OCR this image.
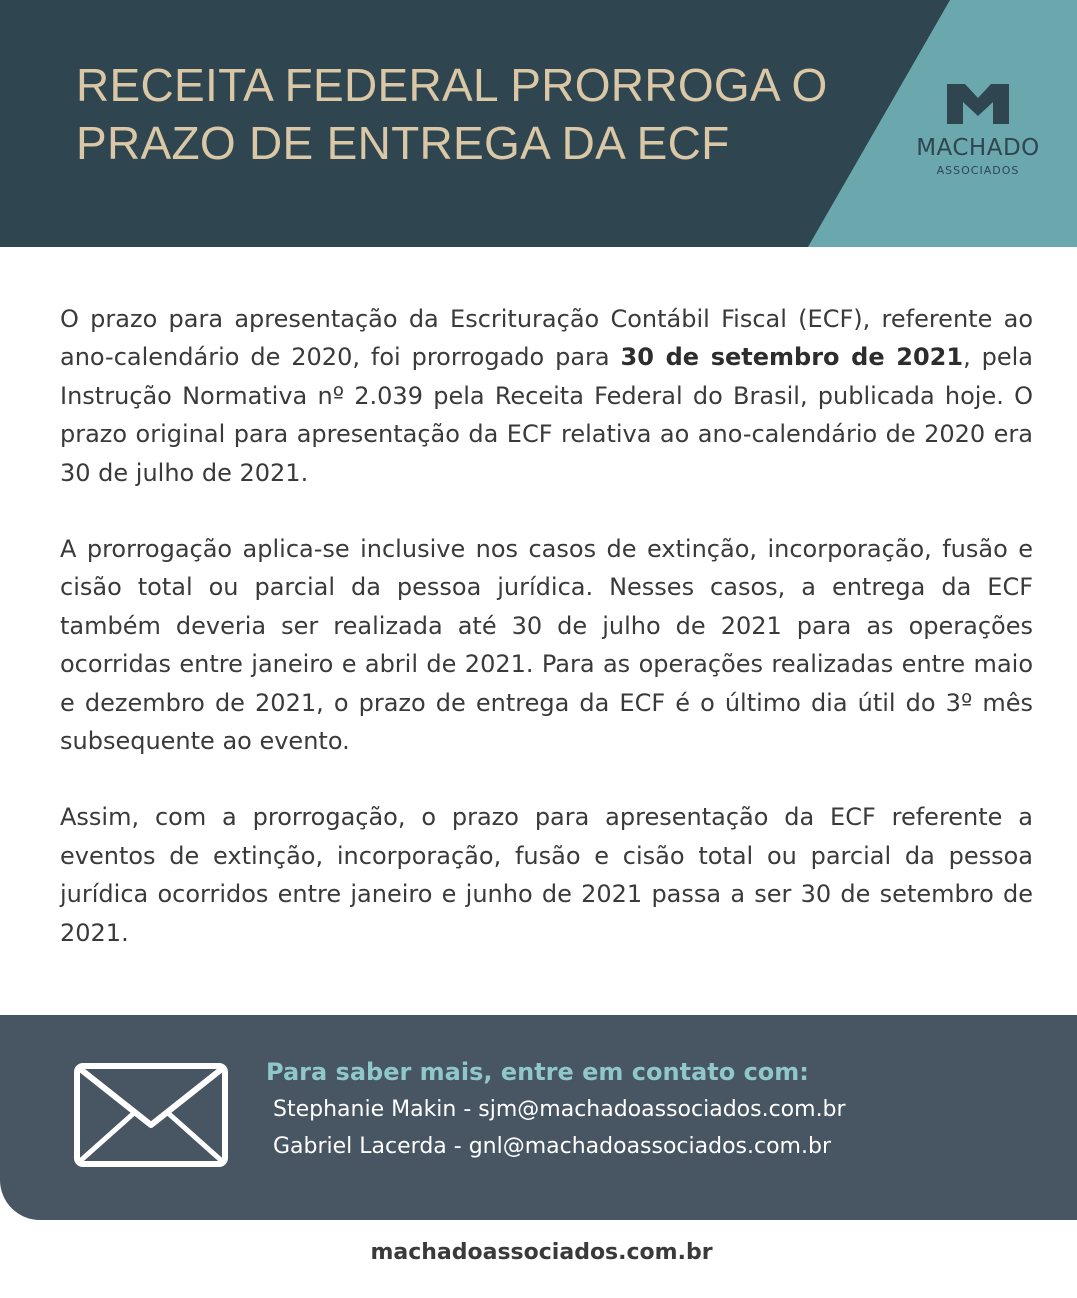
RECEITA FEDERAL PRORROGA O PRAZO DE ENTREGA DA ECF	MACHADO
ASSOCIADOS

O prazo para apresentação da Escrituração Contábil Fiscal (ECF), referente ao ano-calendário de 2020, foi prorrogado para 30 de setembro de 2021, pela Instrução Normativa nº 2.039 pela Receita Federal do Brasil, publicada hoje. O prazo original para apresentação da ECF relativa ao ano-calendário de 2020 era 30 de julho de 2021.

A prorrogação aplica-se inclusive nos casos de extinção, incorporação, fusão e cisão total ou parcial da pessoa jurídica. Nesses casos, a entrega da ECF também deveria ser realizada até 30 de julho de 2021 para as operações ocorridas entre janeiro e abril de 2021. Para as operações realizadas entre maio e dezembro de 2021, o prazo de entrega da ECF é o último dia útil do 3º mês subsequente ao evento.

Assim, com a prorrogação, o prazo para apresentação da ECF referente a eventos de extinção, incorporação, fusão e cisão total ou parcial da pessoa jurídica ocorridos entre janeiro e junho de 2021 passa a ser 30 de setembro de 2021.

Para saber mais, entre em contato com:
Stephanie Makin - sjm@machadoassociados.com.br
Gabriel Lacerda - gnl@machadoassociados.com.br
machadoassociados.com.br
